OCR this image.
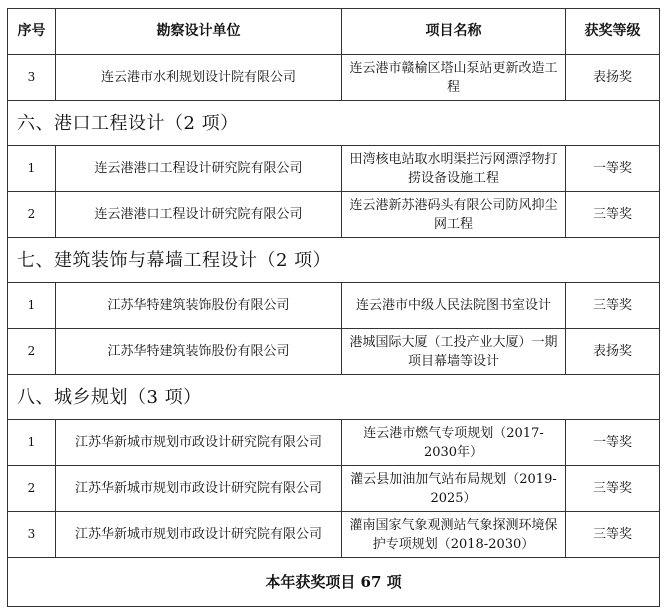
序号	勘察设计单位	项目名称	获奖等级
3	连云港市水利规划设计院有限公司	连云港市赣榆区塔山泵站更新改造工程	表扬奖
六、港口工程设计（2 项）			
1	连云港港口工程设计研究院有限公司	田湾核电站取水明渠拦污网漂浮物打捞设备设施工程	一等奖
2	连云港港口工程设计研究院有限公司	连云港新苏港码头有限公司防风抑尘网工程	三等奖
七、建筑装饰与幕墙工程设计（2 项）			
1	江苏华特建筑装饰股份有限公司	连云港市中级人民法院图书室设计	三等奖
2	江苏华特建筑装饰股份有限公司	港城国际大厦（工投产业大厦）一期项目幕墙等设计	表扬奖
八、城乡规划（3 项）			
1	江苏华新城市规划市政设计研究院有限公司	连云港市燃气专项规划（2017-2030年）	一等奖
2	江苏华新城市规划市政设计研究院有限公司	灌云县加油加气站布局规划（2019-2025）	三等奖
3	江苏华新城市规划市政设计研究院有限公司	灌南国家气象观测站气象探测环境保护专项规划（2018-2030）	三等奖
本年获奖项目 67 项			
